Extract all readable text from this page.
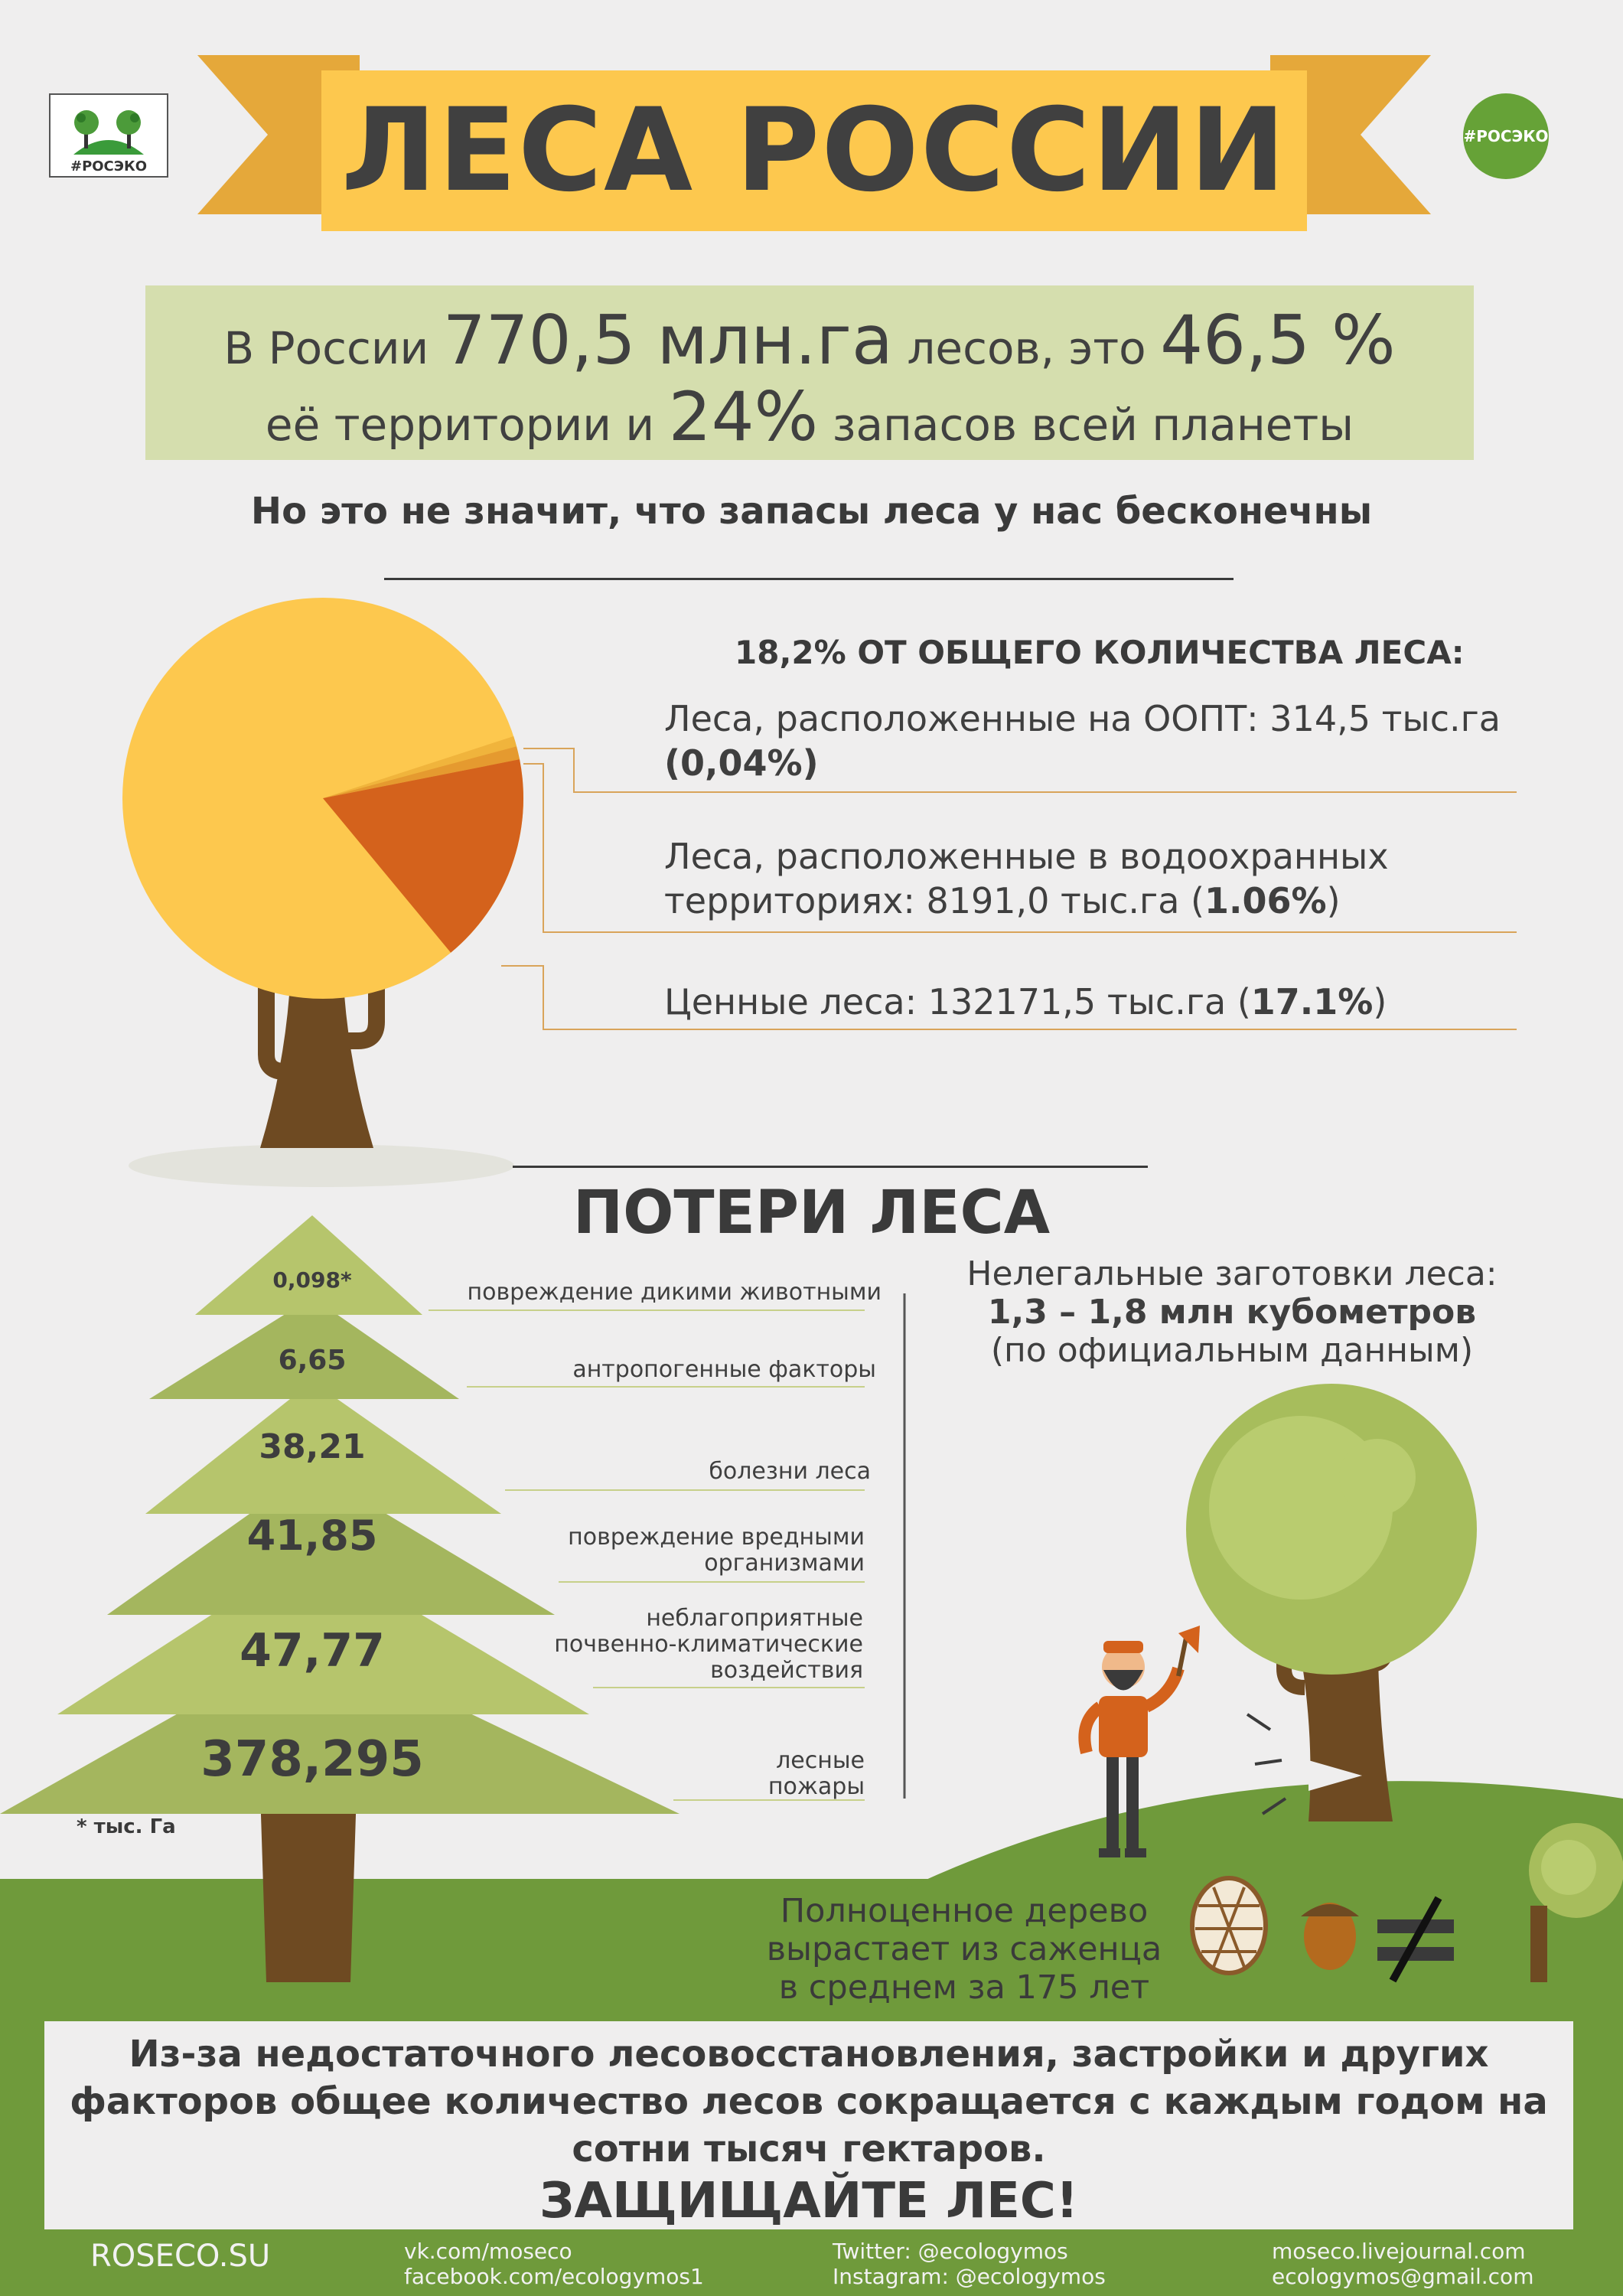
ЛЕСА РОССИИ
#РОСЭКО
#РОСЭКО
В России 770,5 млн.га лесов, это 46,5 %
её территории и 24% запасов всей планеты
Но это не значит, что запасы леса у нас бесконечны
18,2% ОТ ОБЩЕГО КОЛИЧЕСТВА ЛЕСА:
Леса, расположенные на ООПТ: 314,5 тыс.га
(0,04%)
Леса, расположенные в водоохранных
территориях: 8191,0 тыс.га (1.06%)
Ценные леса: 132171,5 тыс.га (17.1%)
ПОТЕРИ ЛЕСА
0,098*
6,65
38,21
41,85
47,77
378,295
повреждение дикими животными
антропогенные факторы
болезни леса
повреждение вредными
организмами
неблагоприятные
почвенно-климатические
воздействия
лесные
пожары
* тыс. Га
Нелегальные заготовки леса:
1,3 – 1,8 млн кубометров
(по официальным данным)
Полноценное дерево
вырастает из саженца
в среднем за 175 лет
Из-за недостаточного лесовосстановления, застройки и других
факторов общее количество лесов сокращается с каждым годом на
сотни тысяч гектаров.
ЗАЩИЩАЙТЕ ЛЕС!
ROSECO.SU	vk.com/moseco
facebook.com/ecologymos1
Twitter: @ecologymos
Instagram: @ecologymos
moseco.livejournal.com
ecologymos@gmail.com
